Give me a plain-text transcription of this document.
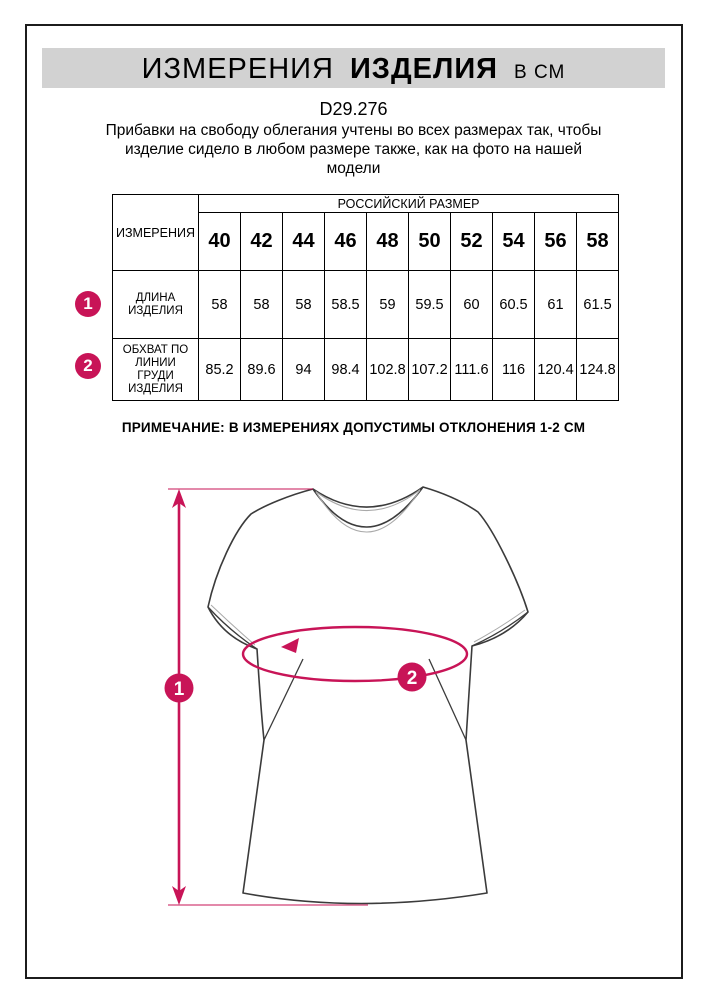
ИЗМЕРЕНИЯ ИЗДЕЛИЯ В СМ
D29.276
Прибавки на свободу облегания учтены во всех размерах так, чтобы
изделие сидело в любом размере также, как на фото на нашей
модели
ИЗМЕРЕНИЯ	РОССИЙСКИЙ РАЗМЕР									
	40	42	44	46	48	50	52	54	56	58

ДЛИНА
ИЗДЕЛИЯ	58	58	58	58.5	59	59.5	60	60.5	61	61.5

ОБХВАТ ПО
ЛИНИИ
ГРУДИ
ИЗДЕЛИЯ	85.2	89.6	94	98.4	102.8	107.2	111.6	116	120.4	124.8
1
2
ПРИМЕЧАНИЕ: В ИЗМЕРЕНИЯХ ДОПУСТИМЫ ОТКЛОНЕНИЯ 1-2 СМ
1
2
